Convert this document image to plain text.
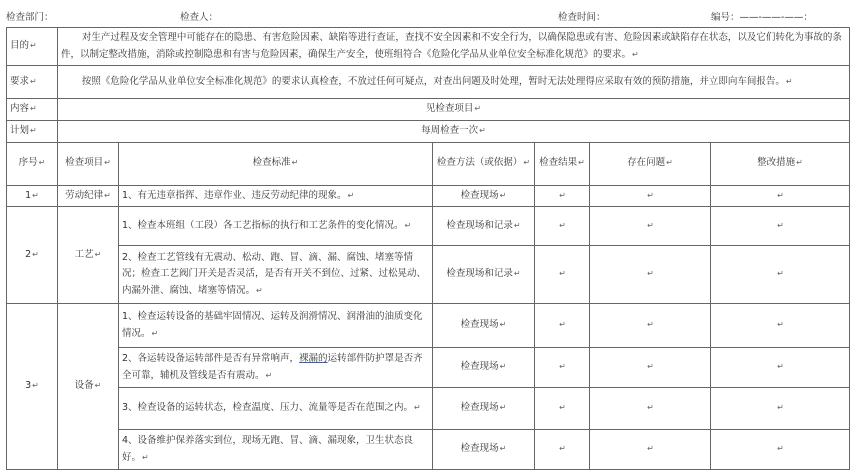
检查部门：	检查人：	检查时间：	编号：——-——-——：
目的↵	对生产过程及安全管理中可能存在的隐患、有害危险因素、缺陷等进行查证，查找不安全因素和不安全行为，以确保隐患或有害、危险因素或缺陷存在状态，以及它们转化为事故的条件，以制定整改措施，消除或控制隐患和有害与危险因素，确保生产安全，使班组符合《危险化学品从业单位安全标准化规范》的要求。↵					
要求↵	按照《危险化学品从业单位安全标准化规范》的要求认真检查，不放过任何可疑点，对查出问题及时处理，暂时无法处理得应采取有效的预防措施，并立即向车间报告。↵					
内容↵	见检查项目↵					
计划↵	每周检查一次↵					
序号↵	检查项目↵	检查标准↵	检查方法（或依据）↵	检查结果↵	存在问题↵	整改措施↵
1↵	劳动纪律↵	1、有无违章指挥、违章作业、违反劳动纪律的现象。↵	检查现场↵	↵	↵	↵
2↵	工艺↵	1、检查本班组（工段）各工艺指标的执行和工艺条件的变化情况。↵	检查现场和记录↵	↵	↵	↵
		2、检查工艺管线有无震动、松动、跑、冒、滴、漏、腐蚀、堵塞等情况；检查工艺阀门开关是否灵活，是否有开关不到位、过紧、过松晃动、内漏外泄、腐蚀、堵塞等情况。↵	检查现场和记录↵	↵	↵	↵
3↵	设备↵	1、检查运转设备的基础牢固情况、运转及润滑情况、润滑油的油质变化情况。↵	检查现场↵	↵	↵	↵
		2、各运转设备运转部件是否有异常响声，裸漏的运转部件防护罩是否齐全可靠，辅机及管线是否有震动。↵	检查现场↵	↵	↵	↵
		3、检查设备的运转状态，检查温度、压力、流量等是否在范围之内。↵	检查现场↵	↵	↵	↵
		4、设备维护保养落实到位，现场无跑、冒、滴、漏现象，卫生状态良好。↵	检查现场↵	↵	↵	↵
